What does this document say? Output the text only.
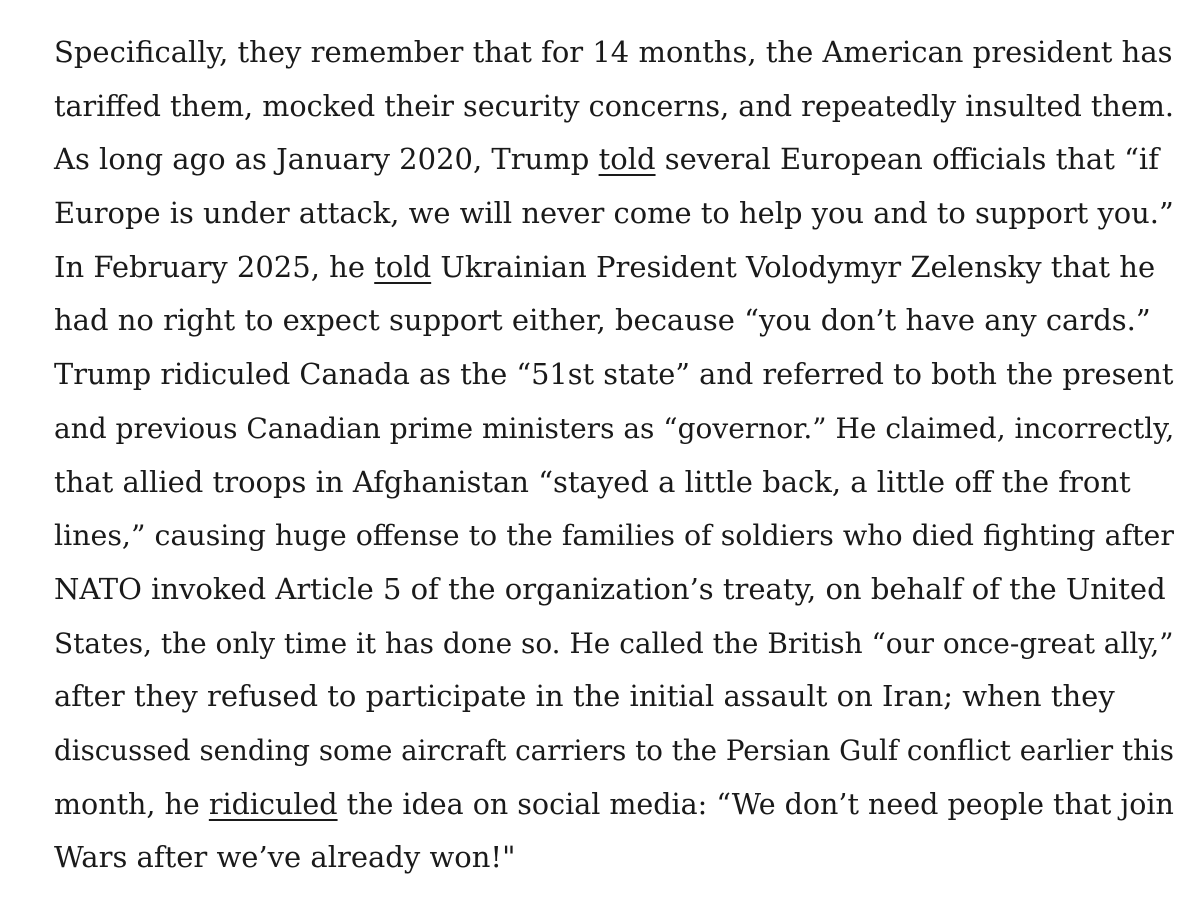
Specifically, they remember that for 14 months, the American president has
tariffed them, mocked their security concerns, and repeatedly insulted them.
As long ago as January 2020, Trump told several European officials that “if
Europe is under attack, we will never come to help you and to support you.”
In February 2025, he told Ukrainian President Volodymyr Zelensky that he
had no right to expect support either, because “you don’t have any cards.”
Trump ridiculed Canada as the “51st state” and referred to both the present
and previous Canadian prime ministers as “governor.” He claimed, incorrectly,
that allied troops in Afghanistan “stayed a little back, a little off the front
lines,” causing huge offense to the families of soldiers who died fighting after
NATO invoked Article 5 of the organization’s treaty, on behalf of the United
States, the only time it has done so. He called the British “our once-great ally,”
after they refused to participate in the initial assault on Iran; when they
discussed sending some aircraft carriers to the Persian Gulf conflict earlier this
month, he ridiculed the idea on social media: “We don’t need people that join
Wars after we’ve already won!"
